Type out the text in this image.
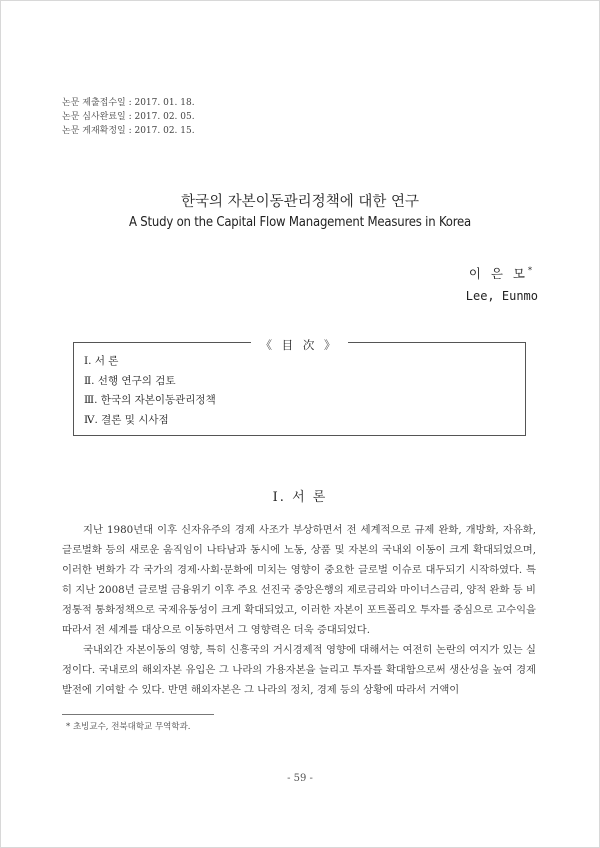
논문 제출접수일 : 2017. 01. 18.
논문 심사완료일 : 2017. 02. 05.
논문 게재확정일 : 2017. 02. 15.
한국의 자본이동관리정책에 대한 연구
A Study on the Capital Flow Management Measures in Korea
이 은 모*
Lee, Eunmo
《 目 次 》
Ⅰ. 서 론
Ⅱ. 선행 연구의 검토
Ⅲ. 한국의 자본이동관리정책
Ⅳ. 결론 및 시사점
Ⅰ. 서 론

지난 1980년대 이후 신자유주의 경제 사조가 부상하면서 전 세계적으로 규제 완화, 개방화, 자유화, 글로벌화 등의 새로운 움직임이 나타남과 동시에 노동, 상품 및 자본의 국내외 이동이 크게 확대되었으며, 이러한 변화가 각 국가의 경제·사회·문화에 미치는 영향이 중요한 글로벌 이슈로 대두되기 시작하였다. 특히 지난 2008년 글로벌 금융위기 이후 주요 선진국 중앙은행의 제로금리와 마이너스금리, 양적 완화 등 비정통적 통화정책으로 국제유동성이 크게 확대되었고, 이러한 자본이 포트폴리오 투자를 중심으로 고수익을 따라서 전 세계를 대상으로 이동하면서 그 영향력은 더욱 증대되었다.

국내외간 자본이동의 영향, 특히 신흥국의 거시경제적 영향에 대해서는 여전히 논란의 여지가 있는 실정이다. 국내로의 해외자본 유입은 그 나라의 가용자본을 늘리고 투자를 확대함으로써 생산성을 높여 경제발전에 기여할 수 있다. 반면 해외자본은 그 나라의 정치, 경제 등의 상황에 따라서 거액이

* 초빙교수, 전북대학교 무역학과.
- 59 -
